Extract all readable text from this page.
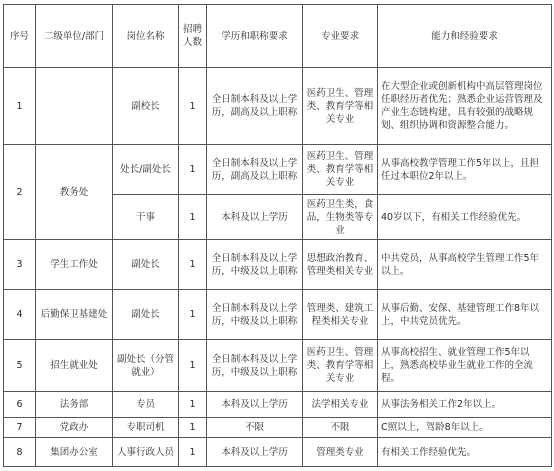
序号	二级单位/部门	岗位名称	招聘人数	学历和职称要求	专业要求	能力和经验要求
1		副校长	1	全日制本科及以上学历，副高及以上职称	医药卫生、管理类、教育学等相关专业	在大型企业或创新机构中高层管理岗位任职经历者优先；熟悉企业运营管理及产业生态链构建，具有较强的战略规划、组织协调和资源整合能力。
2	教务处	处长/副处长	1	全日制本科及以上学历，副高及以上职称	医药卫生、管理类、教育学等相关专业	从事高校教学管理工作5年以上，且担任过本职位2年以上。
		干事	1	本科及以上学历	医药卫生类，食品，生物类等专业	40岁以下，有相关工作经验优先。
3	学生工作处	副处长	1	全日制本科及以上学历，中级及以上职称	思想政治教育、管理类相关专业	中共党员，从事高校学生管理工作5年以上。
4	后勤保卫基建处	副处长	1	全日制本科及以上学历，中级及以上职称	管理类、建筑工程类相关专业	从事后勤、安保、基建管理工作8年以上，中共党员优先。
5	招生就业处	副处长（分管就业）	1	全日制本科及以上学历，中级及以上职称	医药卫生、管理类、教育学等相关专业	从事高校招生、就业管理工作5年以上，熟悉高校毕业生就业工作的全流程。
6	法务部	专员	1	本科及以上学历	法学相关专业	从事法务相关工作2年以上。
7	党政办	专职司机	1	不限	不限	C照以上，驾龄8年以上。
8	集团办公室	人事行政人员	1	本科及以上学历	管理类专业	有相关工作经验优先。
